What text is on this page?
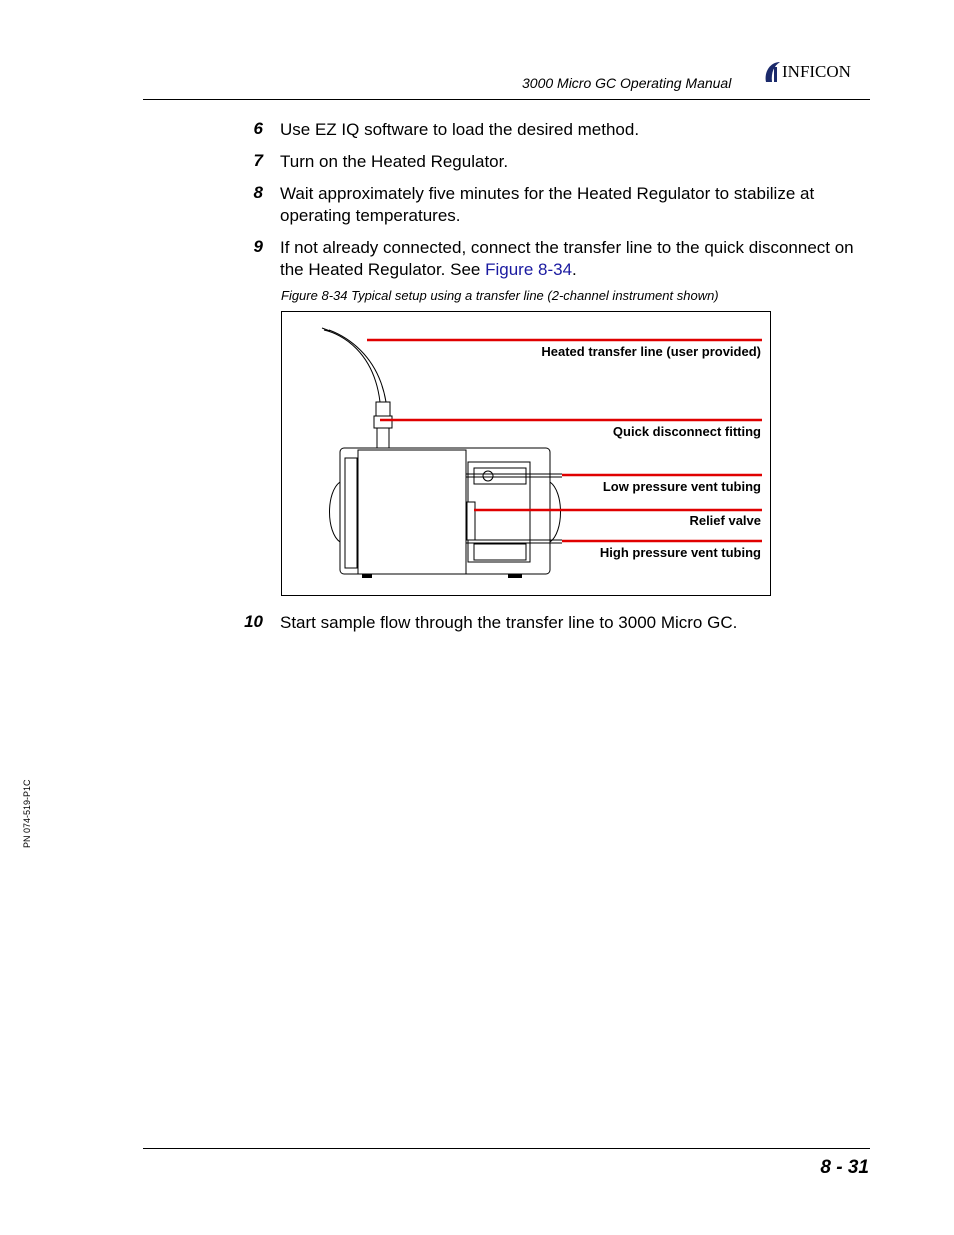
3000 Micro GC Operating Manual
INFICON
6 Use EZ IQ software to load the desired method.
7 Turn on the Heated Regulator.
8 Wait approximately five minutes for the Heated Regulator to stabilize at operating temperatures.
9 If not already connected, connect the transfer line to the quick disconnect on the Heated Regulator. See Figure 8-34.
Figure 8-34 Typical setup using a transfer line (2-channel instrument shown)
Heated transfer line (user provided)
Quick disconnect fitting
Low pressure vent tubing
Relief valve
High pressure vent tubing
10 Start sample flow through the transfer line to 3000 Micro GC.
PN 074-519-P1C
8 - 31
